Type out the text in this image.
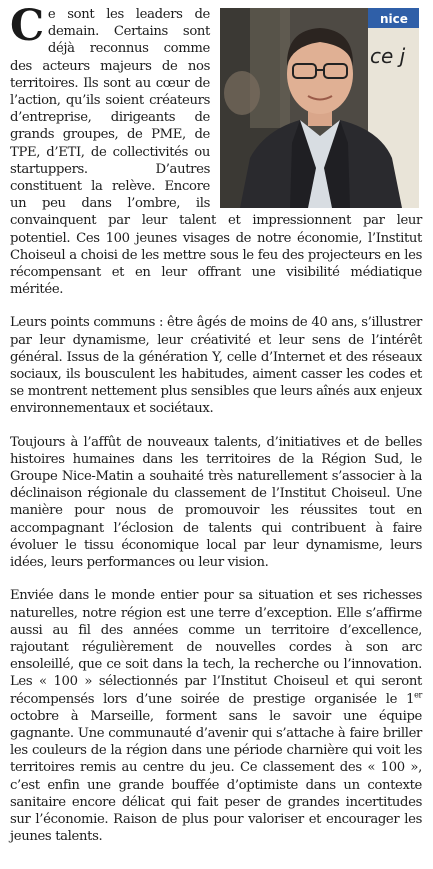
nice
ce j

Ce sont les leaders de demain. Certains sont déjà reconnus comme des acteurs majeurs de nos territoires. Ils sont au cœur de l’action, qu’ils soient créateurs d’entreprise, dirigeants de grands groupes, de PME, de TPE, d’ETI, de collectivités ou startuppers. D’autres constituent la relève. Encore un peu dans l’ombre, ils convainquent par leur talent et impressionnent par leur potentiel. Ces 100 jeunes visages de notre économie, l’Institut Choiseul a choisi de les mettre sous le feu des projecteurs en les récompensant et en leur offrant une visibilité médiatique méritée.

Leurs points communs : être âgés de moins de 40 ans, s’illustrer par leur dynamisme, leur créativité et leur sens de l’intérêt général. Issus de la génération Y, celle d’Internet et des réseaux sociaux, ils bousculent les habitudes, aiment casser les codes et se montrent nettement plus sensibles que leurs aînés aux enjeux environnementaux et sociétaux.

Toujours à l’affût de nouveaux talents, d’initiatives et de belles histoires humaines dans les territoires de la Région Sud, le Groupe Nice-Matin a souhaité très naturellement s’associer à la déclinaison régionale du classement de l’Institut Choiseul. Une manière pour nous de promouvoir les réussites tout en accompagnant l’éclosion de talents qui contribuent à faire évoluer le tissu économique local par leur dynamisme, leurs idées, leurs performances ou leur vision.

Enviée dans le monde entier pour sa situation et ses richesses naturelles, notre région est une terre d’exception. Elle s’affirme aussi au fil des années comme un territoire d’excellence, rajoutant régulièrement de nouvelles cordes à son arc ensoleillé, que ce soit dans la tech, la recherche ou l’innovation. Les « 100 » sélectionnés par l’Institut Choiseul et qui seront récompensés lors d’une soirée de prestige organisée le 1er octobre à Marseille, forment sans le savoir une équipe gagnante. Une communauté d’avenir qui s’attache à faire briller les couleurs de la région dans une période charnière qui voit les territoires remis au centre du jeu. Ce classement des « 100 », c’est enfin une grande bouffée d’optimiste dans un contexte sanitaire encore délicat qui fait peser de grandes incertitudes sur l’économie. Raison de plus pour valoriser et encourager les jeunes talents.
